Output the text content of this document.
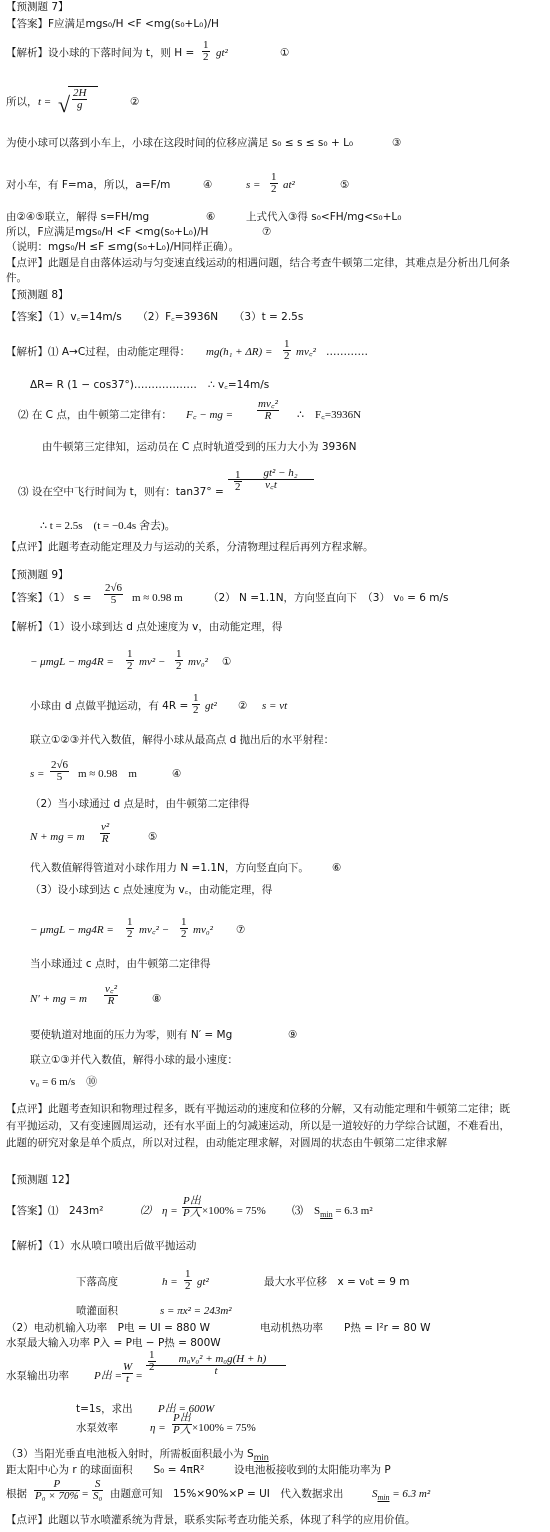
【预测题 7】
【答案】F应满足mgs₀/H <F <mg(s₀+L₀)/H
【解析】设小球的下落时间为 t，则 $H = \frac{1}{2} gt^2$	①
所以， t = √ $\frac{2H}{g}$	②
为使小球可以落到小车上，小球在这段时间的位移应满足 s₀ ≤ s ≤ s₀ + L₀	③
对小车，有 F=ma，所以，a=F/m	④	$s = \frac{1}{2} at^2$	⑤
由②④⑤联立，解得 s=FH/mg	⑥	上式代入③得 s₀<FH/mg<s₀+L₀
所以，F应满足mgs₀/H <F <mg(s₀+L₀)/H	⑦
（说明：mgs₀/H ≤F ≤mg(s₀+L₀)/H同样正确）。
【点评】此题是自由落体运动与匀变速直线运动的相遇问题，结合考查牛顿第二定律，其难点是分析出几何条
件。
【预测题 8】
【答案】（1）v꜀=14m/s　　（2）F꜀=3936N　　（3）t = 2.5s
【解析】⑴ A→C过程，由动能定理得： $mg(h_1 + \Delta R) = \frac{1}{2}$ mv꜀² …………
ΔR= R (1 − cos37°)……………… ∴ v꜀=14m/s
⑵ 在 C 点，由牛顿第二定律有： F꜀ − mg = $\frac{\text{mv꜀²}}{R}$ ∴　F꜀=3936N
由牛顿第三定律知，运动员在 C 点时轨道受到的压力大小为 3936N
⑶ 设在空中飞行时间为 t，则有：$\tan 37^\circ = \frac{1}{2}$
$\frac{\text{gt² − h₂}}{v꜀t}$
∴ t = 2.5s　(t = −0.4s 舍去)。
【点评】此题考查动能定理及力与运动的关系，分清物理过程后再列方程求解。
【预测题 9】
【答案】（1） $s = \frac{2√6}{5}$ m ≈ 0.98 m （2） N =1.1N，方向竖直向下　（3） v₀ = 6 m/s
【解析】（1）设小球到达 d 点处速度为 v，由动能定理，得
− $\mu mgL - mg4R = \frac{1}{2} mv^2 - \frac{1}{2} mv_0^2$ ①
小球由 d 点做平抛运动，有 $4R = \frac{1}{2} gt^2$ ② s = vt
联立①②③并代入数值，解得小球从最高点 d 抛出后的水平射程：
$s = \frac{2√6}{5}$ m ≈ 0.98　m	④
（2）当小球通过 d 点是时，由牛顿第二定律得
N + mg = m $\frac{\text{v²}}{R}$	⑤
代入数值解得管道对小球作用力 N =1.1N，方向竖直向下。 ⑥
（3）设小球到达 c 点处速度为 v꜀，由动能定理，得
− $\mu mgL - mg4R = \frac{1}{2}$ mv꜀² − $\frac{1}{2} mv_0^2$ ⑦
当小球通过 c 点时，由牛顿第二定律得
N′ + mg = m $\frac{\text{v꜀²}}{R}$	⑧
要使轨道对地面的压力为零，则有 N′ = Mg	⑨
联立①③并代入数值，解得小球的最小速度：
v₀ = 6 m/s　⑩
【点评】此题考查知识和物理过程多，既有平抛运动的速度和位移的分解，又有动能定理和牛顿第二定律；既
有平抛运动，又有变速圆周运动，还有水平面上的匀减速运动，所以是一道较好的力学综合试题，不难看出，
此题的研究对象是单个质点，所以对过程，由动能定理求解，对圆周的状态由牛顿第二定律求解
【预测题 12】
【答案】⑴　243m²	⑵　η =
P出
P入 ×100% = 75% ⑶　$S_{min} = 6.3$ m²
【解析】（1）水从喷口喷出后做平抛运动
下落高度	$h = \frac{1}{2} gt^2$	最大水平位移　x = v₀t = 9 m
喷灌面积	s = πx² = 243m²
（2）电动机输入功率　P电 = UI = 880 W	电动机热功率　　P热 = I²r = 80 W
水泵最大输入功率 P入 = P电 − P热 = 800W
水泵输出功率 P出 = $\frac{W}{t}$ =
$\frac{1}{2}$
$\frac{\text{m₀v₀² + m₀g(H + h)}}{t}$
t=1s，求出 P出 = 600W
水泵效率	η =
P出
P入 ×100% = 75%
（3）当阳光垂直电池板入射时，所需板面积最小为 $S_{min}$
距太阳中心为 r 的球面面积　　S₀ = 4πR²	设电池板接收到的太阳能功率为 P
根据 $\frac{P}{\text{P₀ × 70\%}} = \frac{S}{\text{S₀}}$ 由题意可知　15%×90%×P = UI　代入数据求出	$S_{min} = 6.3$ m²
【点评】此题以节水喷灌系统为背景，联系实际考查功能关系，体现了科学的应用价值。
